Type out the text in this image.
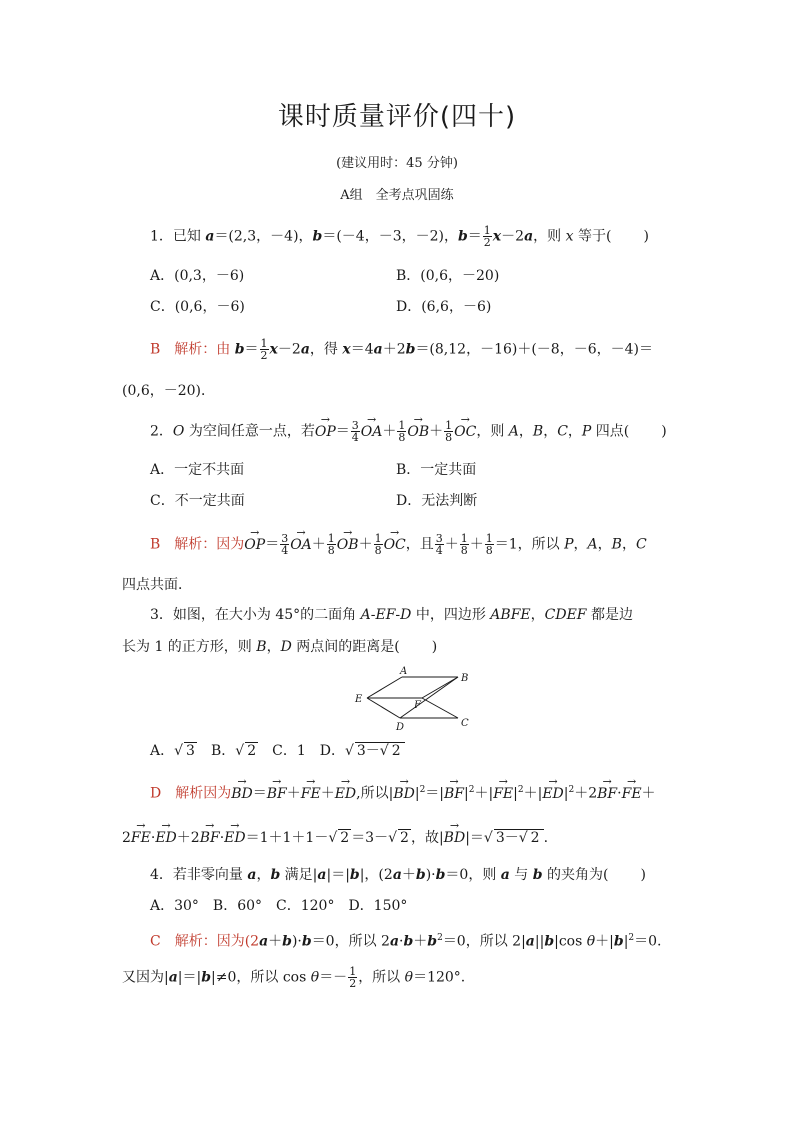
课时质量评价(四十)
(建议用时：45 分钟)
A组　全考点巩固练
1．已知 a＝(2,3，－4)，b＝(－4，－3，－2)，$b= \frac{1}{2} x-2a$，则 x 等于( )
A．(0,3，－6)	B．(0,6，－20)
C．(0,6，－6)	D．(6,6，－6)
B　 解析：由 $b= \frac{1}{2} x-2a$，得 x＝4a＋2b＝(8,12，－16)＋(－8，－6，－4)＝
(0,6，－20)．
2．O 为空间任意一点，若→ $OP= \frac{3}{4}$
→ $OA+ \frac{1}{8}$
→ $OB+ \frac{1}{8}$
→ OC，则 A，B，C，P 四点( )
A．一定不共面	B．一定共面
C．不一定共面	D．无法判断
B　 解析：因为→ $OP= \frac{3}{4}$
→ $OA+ \frac{1}{8}$
→ $OB+ \frac{1}{8}$
→ OC，且 $\frac{3}{4} + \frac{1}{8} + \frac{1}{8} =1$，所以 P，A，B，C
四点共面．
3．如图，在大小为 45°的二面角 A-EF-D 中，四边形 ABFE，CDEF 都是边
长为 1 的正方形，则 B，D 两点间的距离是( )
A
B
E
F
D	C
A．√ 3　B．√ 2　C．1　D．√ 3－√ 2
D　 解析因为→ BD＝→ BF＋→ FE＋→ ED,所以|→ $BD|^2=|\to BF|^2+|\to FE|^2+|\to ED|^2+2\to BF\cdot\to FE+$
2→ FE·→ ED＋2→ BF·→ ED＝1＋1＋1－√ 2 ＝3－√ 2 ，故|→ BD|＝√ 3－√ 2 .
4．若非零向量 a，b 满足|a|＝|b|，(2a＋b)·b＝0，则 a 与 b 的夹角为( )
A．30°　B．60°　C．120°　D．150°
C　 解析：因为(2a＋b)·b＝0，所以 $2a\cdot b+b^2=0$，所以 2|a||b|cos $\theta+|b|^2=0$.
又因为|a|＝|b|≠0，所以 $\cos \theta=- \frac{1}{2}$ ，所以 θ＝120°.
